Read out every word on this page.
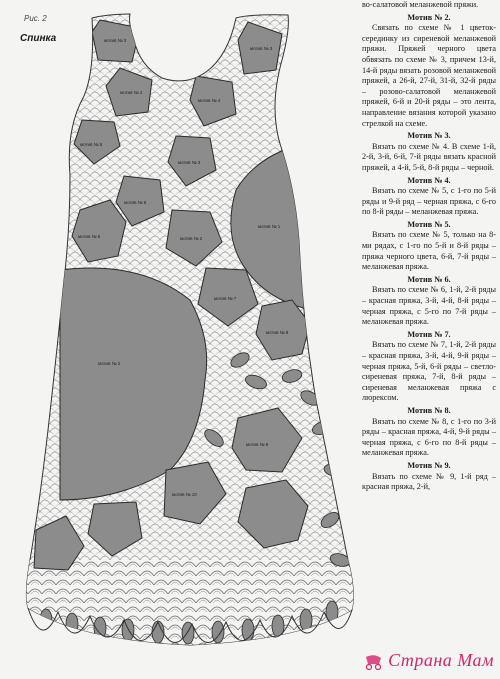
мотив № 3
мотив № 3
мотив № 4
мотив № 4
мотив № 1
мотив № 5
мотив № 3
мотив № 6
мотив № 2
мотив № 5
мотив № 7
мотив № 8
мотив № 2
мотив № 9
мотив № 10
Рис. 2
Спинка

во-салатовой меланжевой пряжи.

Мотив № 2.

Связать по схеме № 1 цветок-серединку из сиреневой меланжевой пряжи. Пряжей черного цвета обвязать по схеме № 3, причем 13-й, 14-й ряды вязать розовой меланжевой пряжей, а 26-й, 27-й, 31-й, 32-й ряды – розово-салатовой меланжевой пряжей, 6-й и 20-й ряды – это лента, направление вязания которой указано стрелкой на схеме.

Мотив № 3.

Вязать по схеме № 4. В схеме 1-й, 2-й, 3-й, 6-й, 7-й ряды вязать красной пряжей, а 4-й, 5-й, 8-й ряды – черной.

Мотив № 4.

Вязать по схеме № 5, с 1-го по 5-й ряды и 9-й ряд – черная пряжа, с 6-го по 8-й ряды – меланжевая пряжа.

Мотив № 5.

Вязать по схеме № 5, только на 8-ми рядах, с 1-го по 5-й и 8-й ряды – пряжа черного цвета, 6-й, 7-й ряды – меланжевая пряжа.

Мотив № 6.

Вязать по схеме № 6, 1-й, 2-й ряды – красная пряжа, 3-й, 4-й, 8-й ряды – черная пряжа, с 5-го по 7-й ряды – меланжевая пряжа.

Мотив № 7.

Вязать по схеме № 7, 1-й, 2-й ряды – красная пряжа, 3-й, 4-й, 9-й ряды – черная пряжа, 5-й, 6-й ряды – светло-сиреневая пряжа, 7-й, 8-й ряды – сиреневая меланжевая пряжа с люрексом.

Мотив № 8.

Вязать по схеме № 8, с 1-го по 3-й ряды – красная пряжа, 4-й, 9-й ряды – черная пряжа, с 6-го по 8-й ряды – меланжевая пряжа.

Мотив № 9.

Вязать по схеме № 9, 1-й ряд – красная пряжа, 2-й,

Страна Мам
